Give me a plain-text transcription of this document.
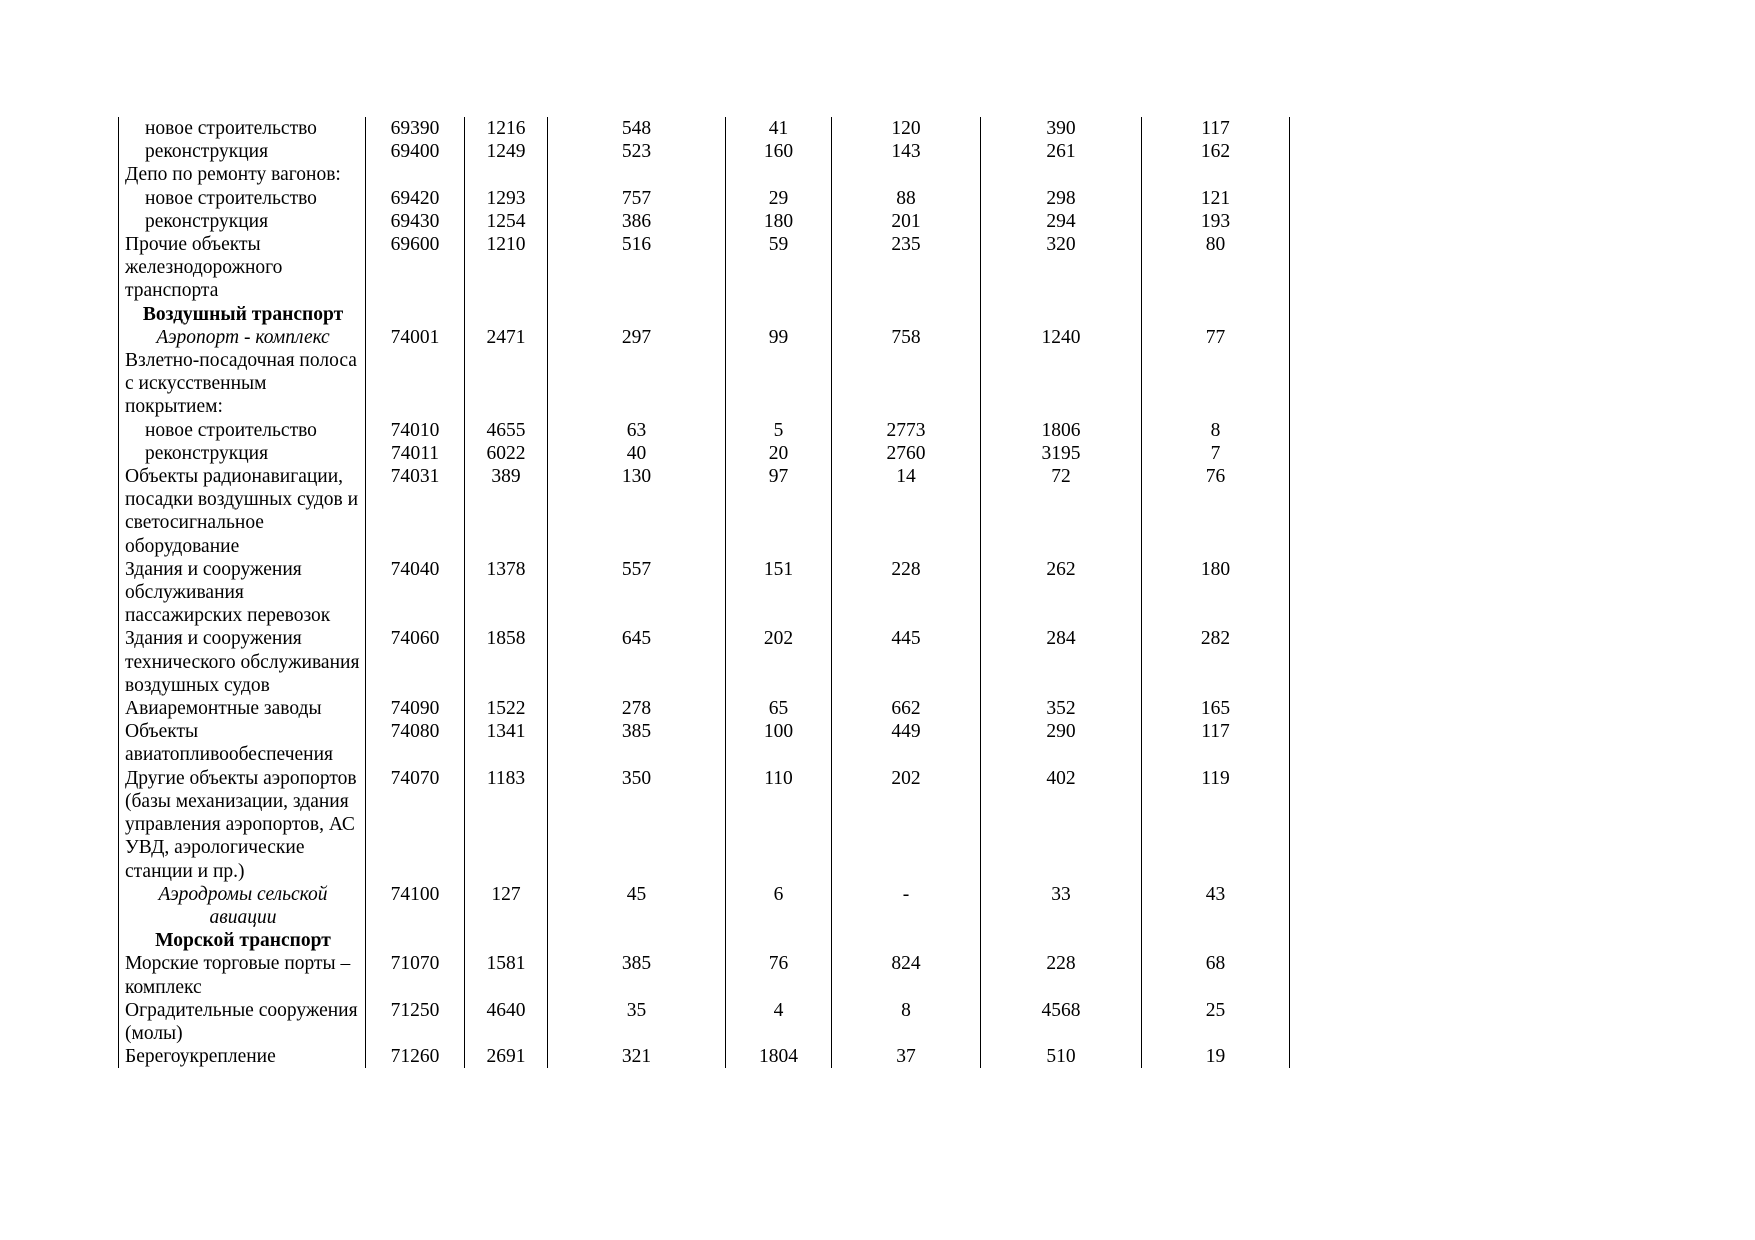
новое строительство	69390	1216	548	41	120	390	117	
реконструкция	69400	1249	523	160	143	261	162	
Депо по ремонту вагонов:								
новое строительство	69420	1293	757	29	88	298	121	
реконструкция	69430	1254	386	180	201	294	193	
Прочие объекты железнодорожного транспорта	69600	1210	516	59	235	320	80	
Воздушный транспорт								
Аэропорт - комплекс	74001	2471	297	99	758	1240	77	
Взлетно-посадочная полоса с искусственным покрытием:								
новое строительство	74010	4655	63	5	2773	1806	8	
реконструкция	74011	6022	40	20	2760	3195	7	
Объекты радионавигации, посадки воздушных судов и светосигнальное оборудование	74031	389	130	97	14	72	76	
Здания и сооружения обслуживания пассажирских перевозок	74040	1378	557	151	228	262	180	
Здания и сооружения технического обслуживания воздушных судов	74060	1858	645	202	445	284	282	
Авиаремонтные заводы	74090	1522	278	65	662	352	165	
Объекты авиатопливообеспечения	74080	1341	385	100	449	290	117	
Другие объекты аэропортов (базы механизации, здания управления аэропортов, АС УВД, аэрологические станции и пр.)	74070	1183	350	110	202	402	119	
Аэродромы сельской авиации	74100	127	45	6	-	33	43	
Морской транспорт								
Морские торговые порты – комплекс	71070	1581	385	76	824	228	68	
Оградительные сооружения (молы)	71250	4640	35	4	8	4568	25	
Берегоукрепление	71260	2691	321	1804	37	510	19	
